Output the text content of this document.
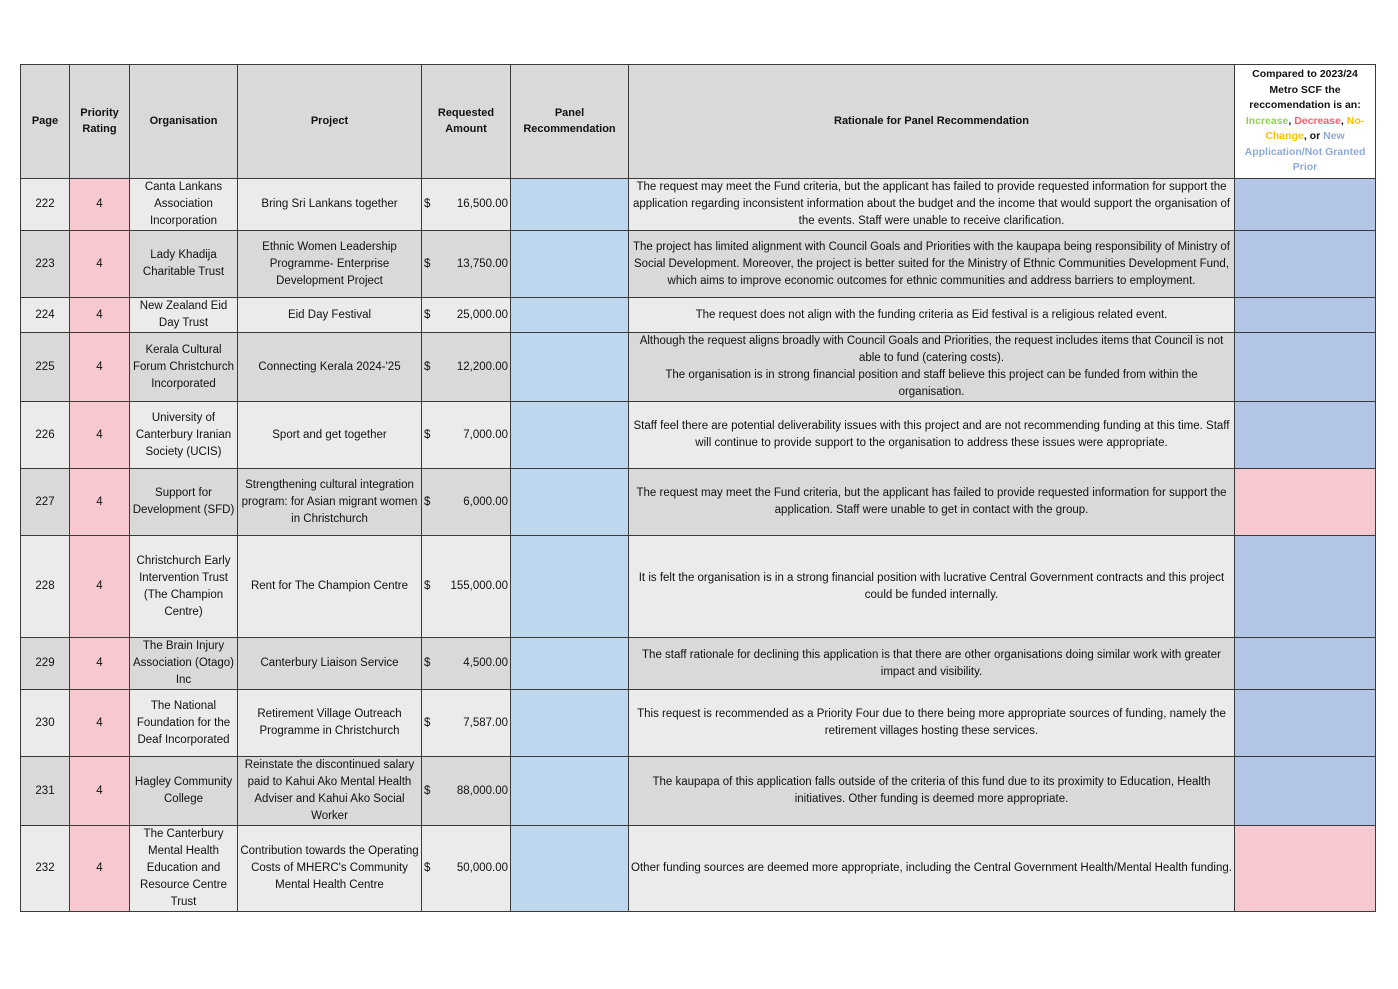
Page	Priority Rating	Organisation	Project	Requested Amount	Panel Recommendation	Rationale for Panel Recommendation	Compared to 2023/24 Metro SCF the reccomendation is an:
Increase, Decrease, No-Change, or New Application/Not Granted Prior
222	4	Canta Lankans Association Incorporation	Bring Sri Lankans together	$ 16,500.00		The request may meet the Fund criteria, but the applicant has failed to provide requested information for support the application regarding inconsistent information about the budget and the income that would support the organisation of the events. Staff were unable to receive clarification.	
223	4	Lady Khadija Charitable Trust	Ethnic Women Leadership Programme- Enterprise Development Project	$ 13,750.00		The project has limited alignment with Council Goals and Priorities with the kaupapa being responsibility of Ministry of Social Development. Moreover, the project is better suited for the Ministry of Ethnic Communities Development Fund, which aims to improve economic outcomes for ethnic communities and address barriers to employment.	
224	4	New Zealand Eid Day Trust	Eid Day Festival	$ 25,000.00		The request does not align with the funding criteria as Eid festival is a religious related event.	
225	4	Kerala Cultural Forum Christchurch Incorporated	Connecting Kerala 2024-'25	$ 12,200.00		Although the request aligns broadly with Council Goals and Priorities, the request includes items that Council is not able to fund (catering costs).
The organisation is in strong financial position and staff believe this project can be funded from within the organisation.	
226	4	University of Canterbury Iranian Society (UCIS)	Sport and get together	$ 7,000.00		Staff feel there are potential deliverability issues with this project and are not recommending funding at this time. Staff will continue to provide support to the organisation to address these issues were appropriate.	
227	4	Support for Development (SFD)	Strengthening cultural integration program: for Asian migrant women in Christchurch	$ 6,000.00		The request may meet the Fund criteria, but the applicant has failed to provide requested information for support the application. Staff were unable to get in contact with the group.	
228	4	Christchurch Early Intervention Trust (The Champion Centre)	Rent for The Champion Centre	$ 155,000.00		It is felt the organisation is in a strong financial position with lucrative Central Government contracts and this project could be funded internally.	
229	4	The Brain Injury Association (Otago) Inc	Canterbury Liaison Service	$ 4,500.00		The staff rationale for declining this application is that there are other organisations doing similar work with greater impact and visibility.	
230	4	The National Foundation for the Deaf Incorporated	Retirement Village Outreach Programme in Christchurch	$ 7,587.00		This request is recommended as a Priority Four due to there being more appropriate sources of funding, namely the retirement villages hosting these services.	
231	4	Hagley Community College	Reinstate the discontinued salary paid to Kahui Ako Mental Health Adviser and Kahui Ako Social Worker	$ 88,000.00		The kaupapa of this application falls outside of the criteria of this fund due to its proximity to Education, Health initiatives. Other funding is deemed more appropriate.	
232	4	The Canterbury Mental Health Education and Resource Centre Trust	Contribution towards the Operating Costs of MHERC's Community Mental Health Centre	$ 50,000.00		Other funding sources are deemed more appropriate, including the Central Government Health/Mental Health funding.	
